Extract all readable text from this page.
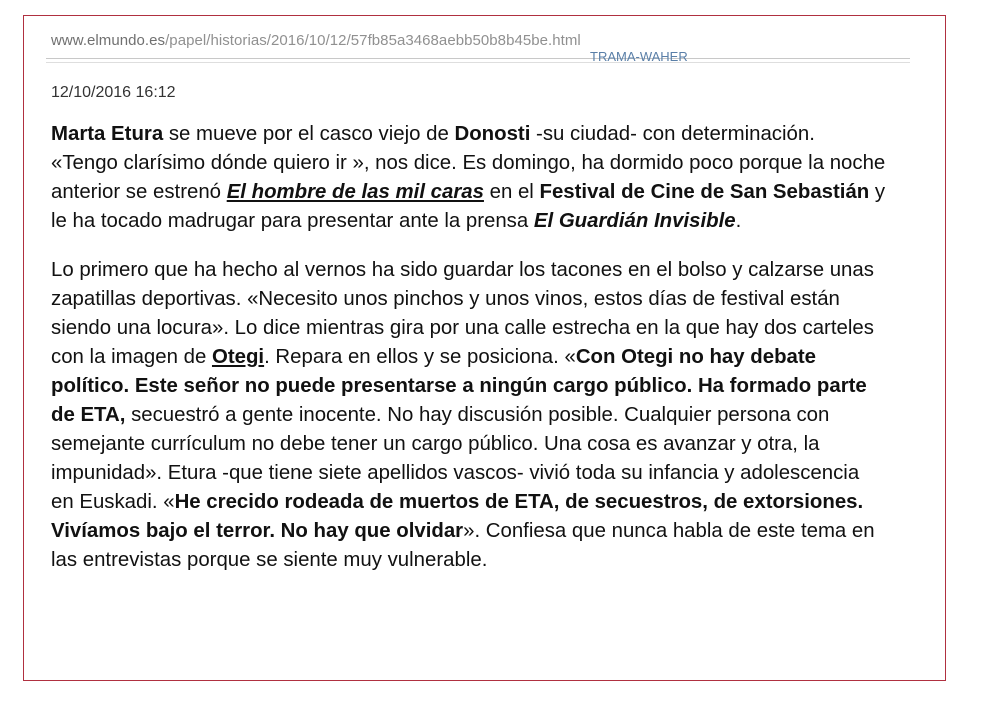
www.elmundo.es/papel/historias/2016/10/12/57fb85a3468aebb50b8b45be.html
TRAMA-WAHER
12/10/2016 16:12

Marta Etura se mueve por el casco viejo de Donosti -su ciudad- con determinación. «Tengo clarísimo dónde quiero ir », nos dice. Es domingo, ha dormido poco porque la noche anterior se estrenó El hombre de las mil caras en el Festival de Cine de San Sebastián y le ha tocado madrugar para presentar ante la prensa El Guardián Invisible.

Lo primero que ha hecho al vernos ha sido guardar los tacones en el bolso y calzarse unas zapatillas deportivas. «Necesito unos pinchos y unos vinos, estos días de festival están siendo una locura». Lo dice mientras gira por una calle estrecha en la que hay dos carteles con la imagen de Otegi. Repara en ellos y se posiciona. «Con Otegi no hay debate político. Este señor no puede presentarse a ningún cargo público. Ha formado parte de ETA, secuestró a gente inocente. No hay discusión posible. Cualquier persona con semejante currículum no debe tener un cargo público. Una cosa es avanzar y otra, la impunidad». Etura -que tiene siete apellidos vascos- vivió toda su infancia y adolescencia en Euskadi. «He crecido rodeada de muertos de ETA, de secuestros, de extorsiones. Vivíamos bajo el terror. No hay que olvidar». Confiesa que nunca habla de este tema en las entrevistas porque se siente muy vulnerable.
